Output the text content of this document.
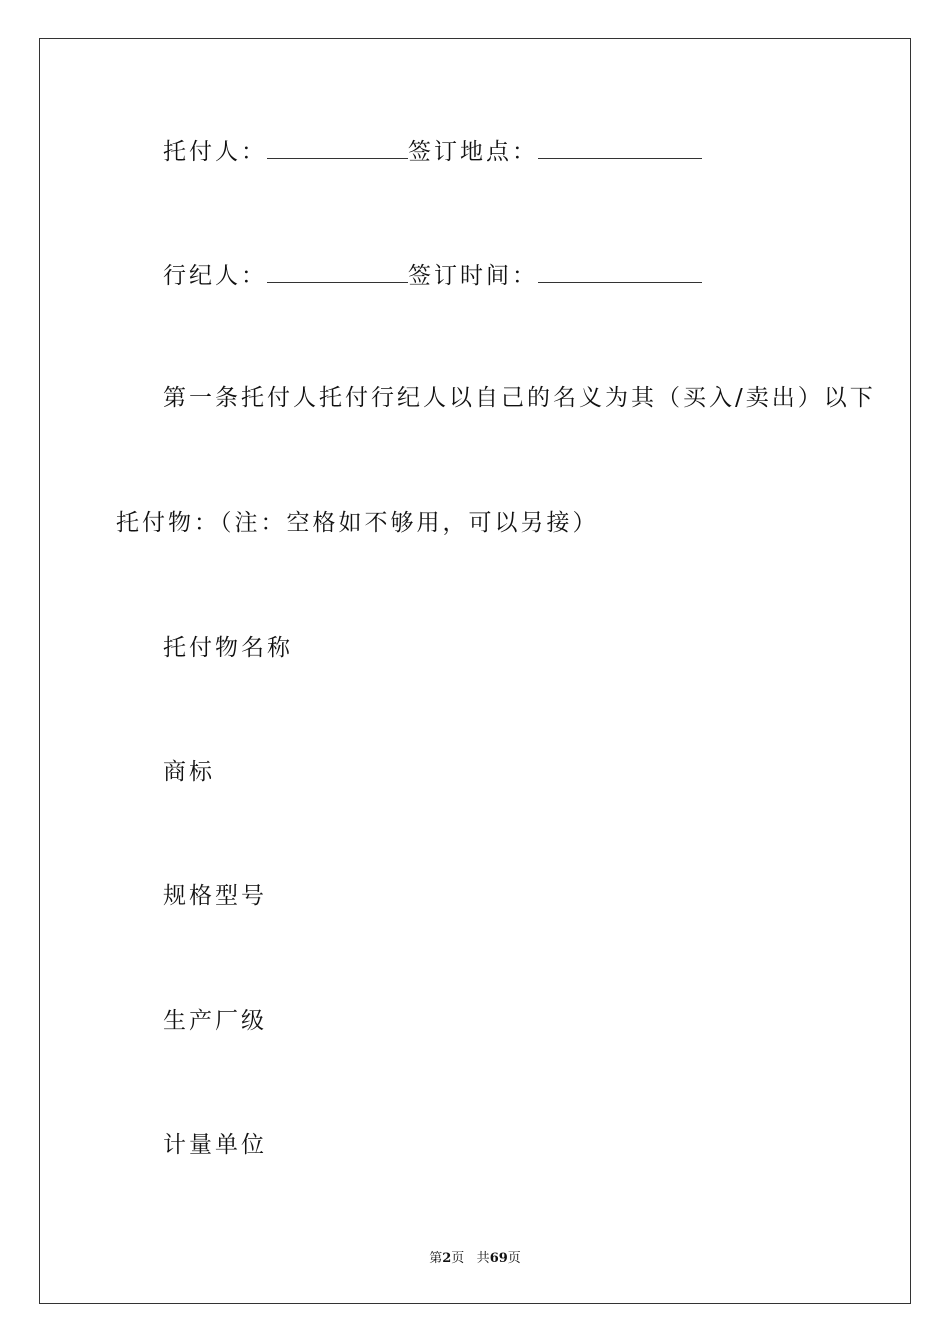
托付人：	签订地点：
行纪人：	签订时间：
第一条托付人托付行纪人以自己的名义为其（买入/卖出）以下
托付物：（注：空格如不够用，可以另接）
托付物名称
商标
规格型号
生产厂级
计量单位
第2页 共69页
